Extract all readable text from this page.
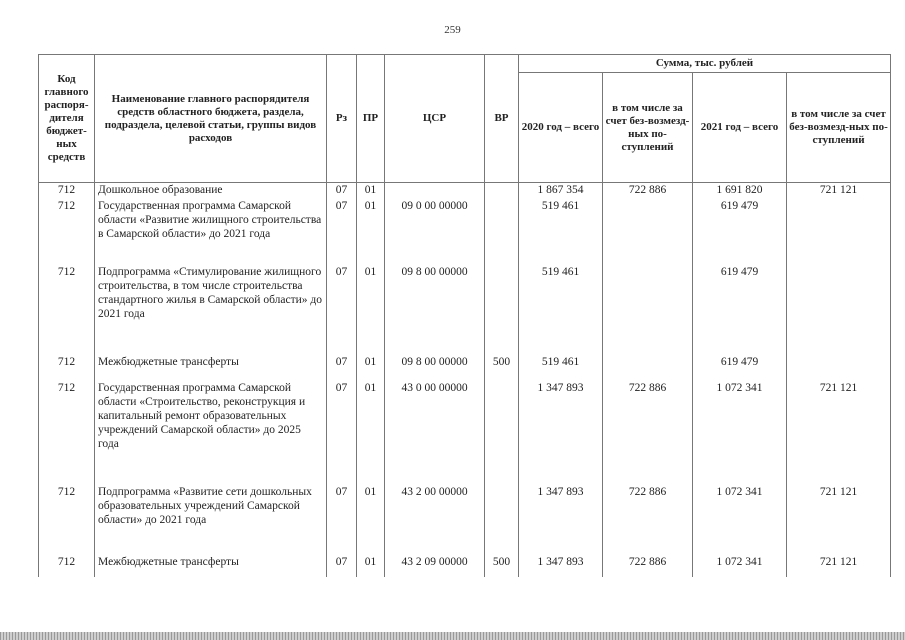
259
Код главного распоря-дителя бюджет-ных средств	Наименование главного распорядителя средств областного бюджета, раздела, подраздела, целевой статьи, группы видов расходов	Рз	ПР	ЦСР	ВР	Сумма, тыс. рублей			
						2020 год – всего	в том числе за счет без-возмезд-ных по-ступлений	2021 год – всего	в том числе за счет без-возмезд-ных по-ступлений
712	Дошкольное образование	07	01			1 867 354	722 886	1 691 820	721 121
712	Государственная программа Самарской области «Развитие жилищного строительства в Самарской области» до 2021 года	07	01	09 0 00 00000		519 461		619 479	
712	Подпрограмма «Стимулирование жилищного строительства, в том числе строительства стандартного жилья в Самарской области» до 2021 года	07	01	09 8 00 00000		519 461		619 479	
712	Межбюджетные трансферты	07	01	09 8 00 00000	500	519 461		619 479	
712	Государственная программа Самарской области «Строительство, реконструкция и капитальный ремонт образовательных учреждений Самарской области» до 2025 года	07	01	43 0 00 00000		1 347 893	722 886	1 072 341	721 121
712	Подпрограмма «Развитие сети дошкольных образовательных учреждений Самарской области» до 2021 года	07	01	43 2 00 00000		1 347 893	722 886	1 072 341	721 121
712	Межбюджетные трансферты	07	01	43 2 09 00000	500	1 347 893	722 886	1 072 341	721 121
